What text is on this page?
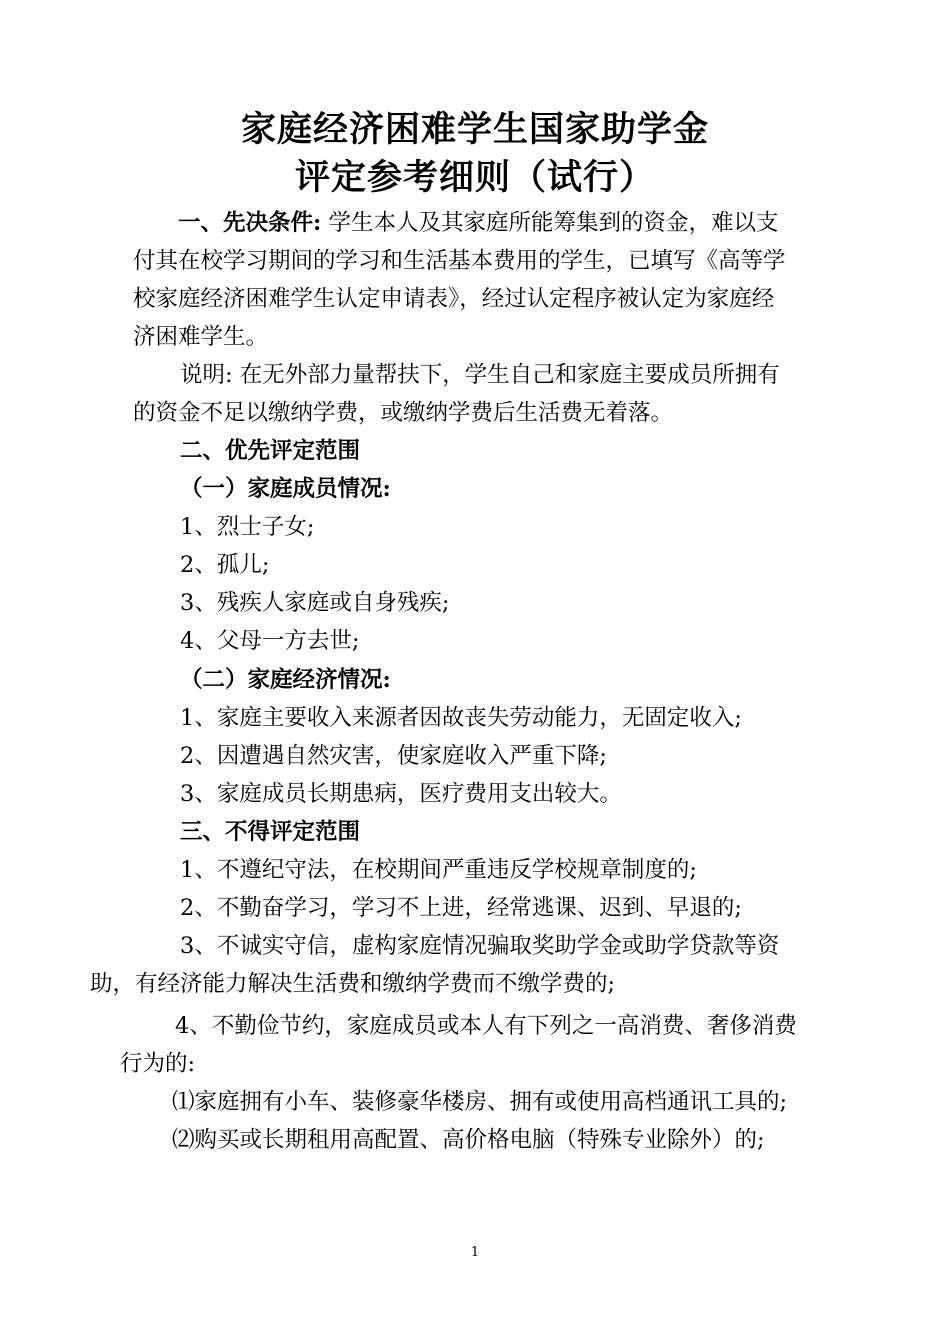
家庭经济困难学生国家助学金
评定参考细则（试行）
一、先决条件: 学生本人及其家庭所能筹集到的资金，难以支
付其在校学习期间的学习和生活基本费用的学生，已填写《高等学
校家庭经济困难学生认定申请表》，经过认定程序被认定为家庭经
济困难学生。
说明: 在无外部力量帮扶下，学生自己和家庭主要成员所拥有
的资金不足以缴纳学费，或缴纳学费后生活费无着落。
二、优先评定范围
（一）家庭成员情况:
1、烈士子女;
2、孤儿;
3、残疾人家庭或自身残疾;
4、父母一方去世;
（二）家庭经济情况:
1、家庭主要收入来源者因故丧失劳动能力，无固定收入;
2、因遭遇自然灾害，使家庭收入严重下降;
3、家庭成员长期患病，医疗费用支出较大。
三、不得评定范围
1、不遵纪守法，在校期间严重违反学校规章制度的;
2、不勤奋学习，学习不上进，经常逃课、迟到、早退的;
3、不诚实守信，虚构家庭情况骗取奖助学金或助学贷款等资
助，有经济能力解决生活费和缴纳学费而不缴学费的;
4、不勤俭节约，家庭成员或本人有下列之一高消费、奢侈消费
行为的:
⑴家庭拥有小车、装修豪华楼房、拥有或使用高档通讯工具的;
⑵购买或长期租用高配置、高价格电脑（特殊专业除外）的;
1
